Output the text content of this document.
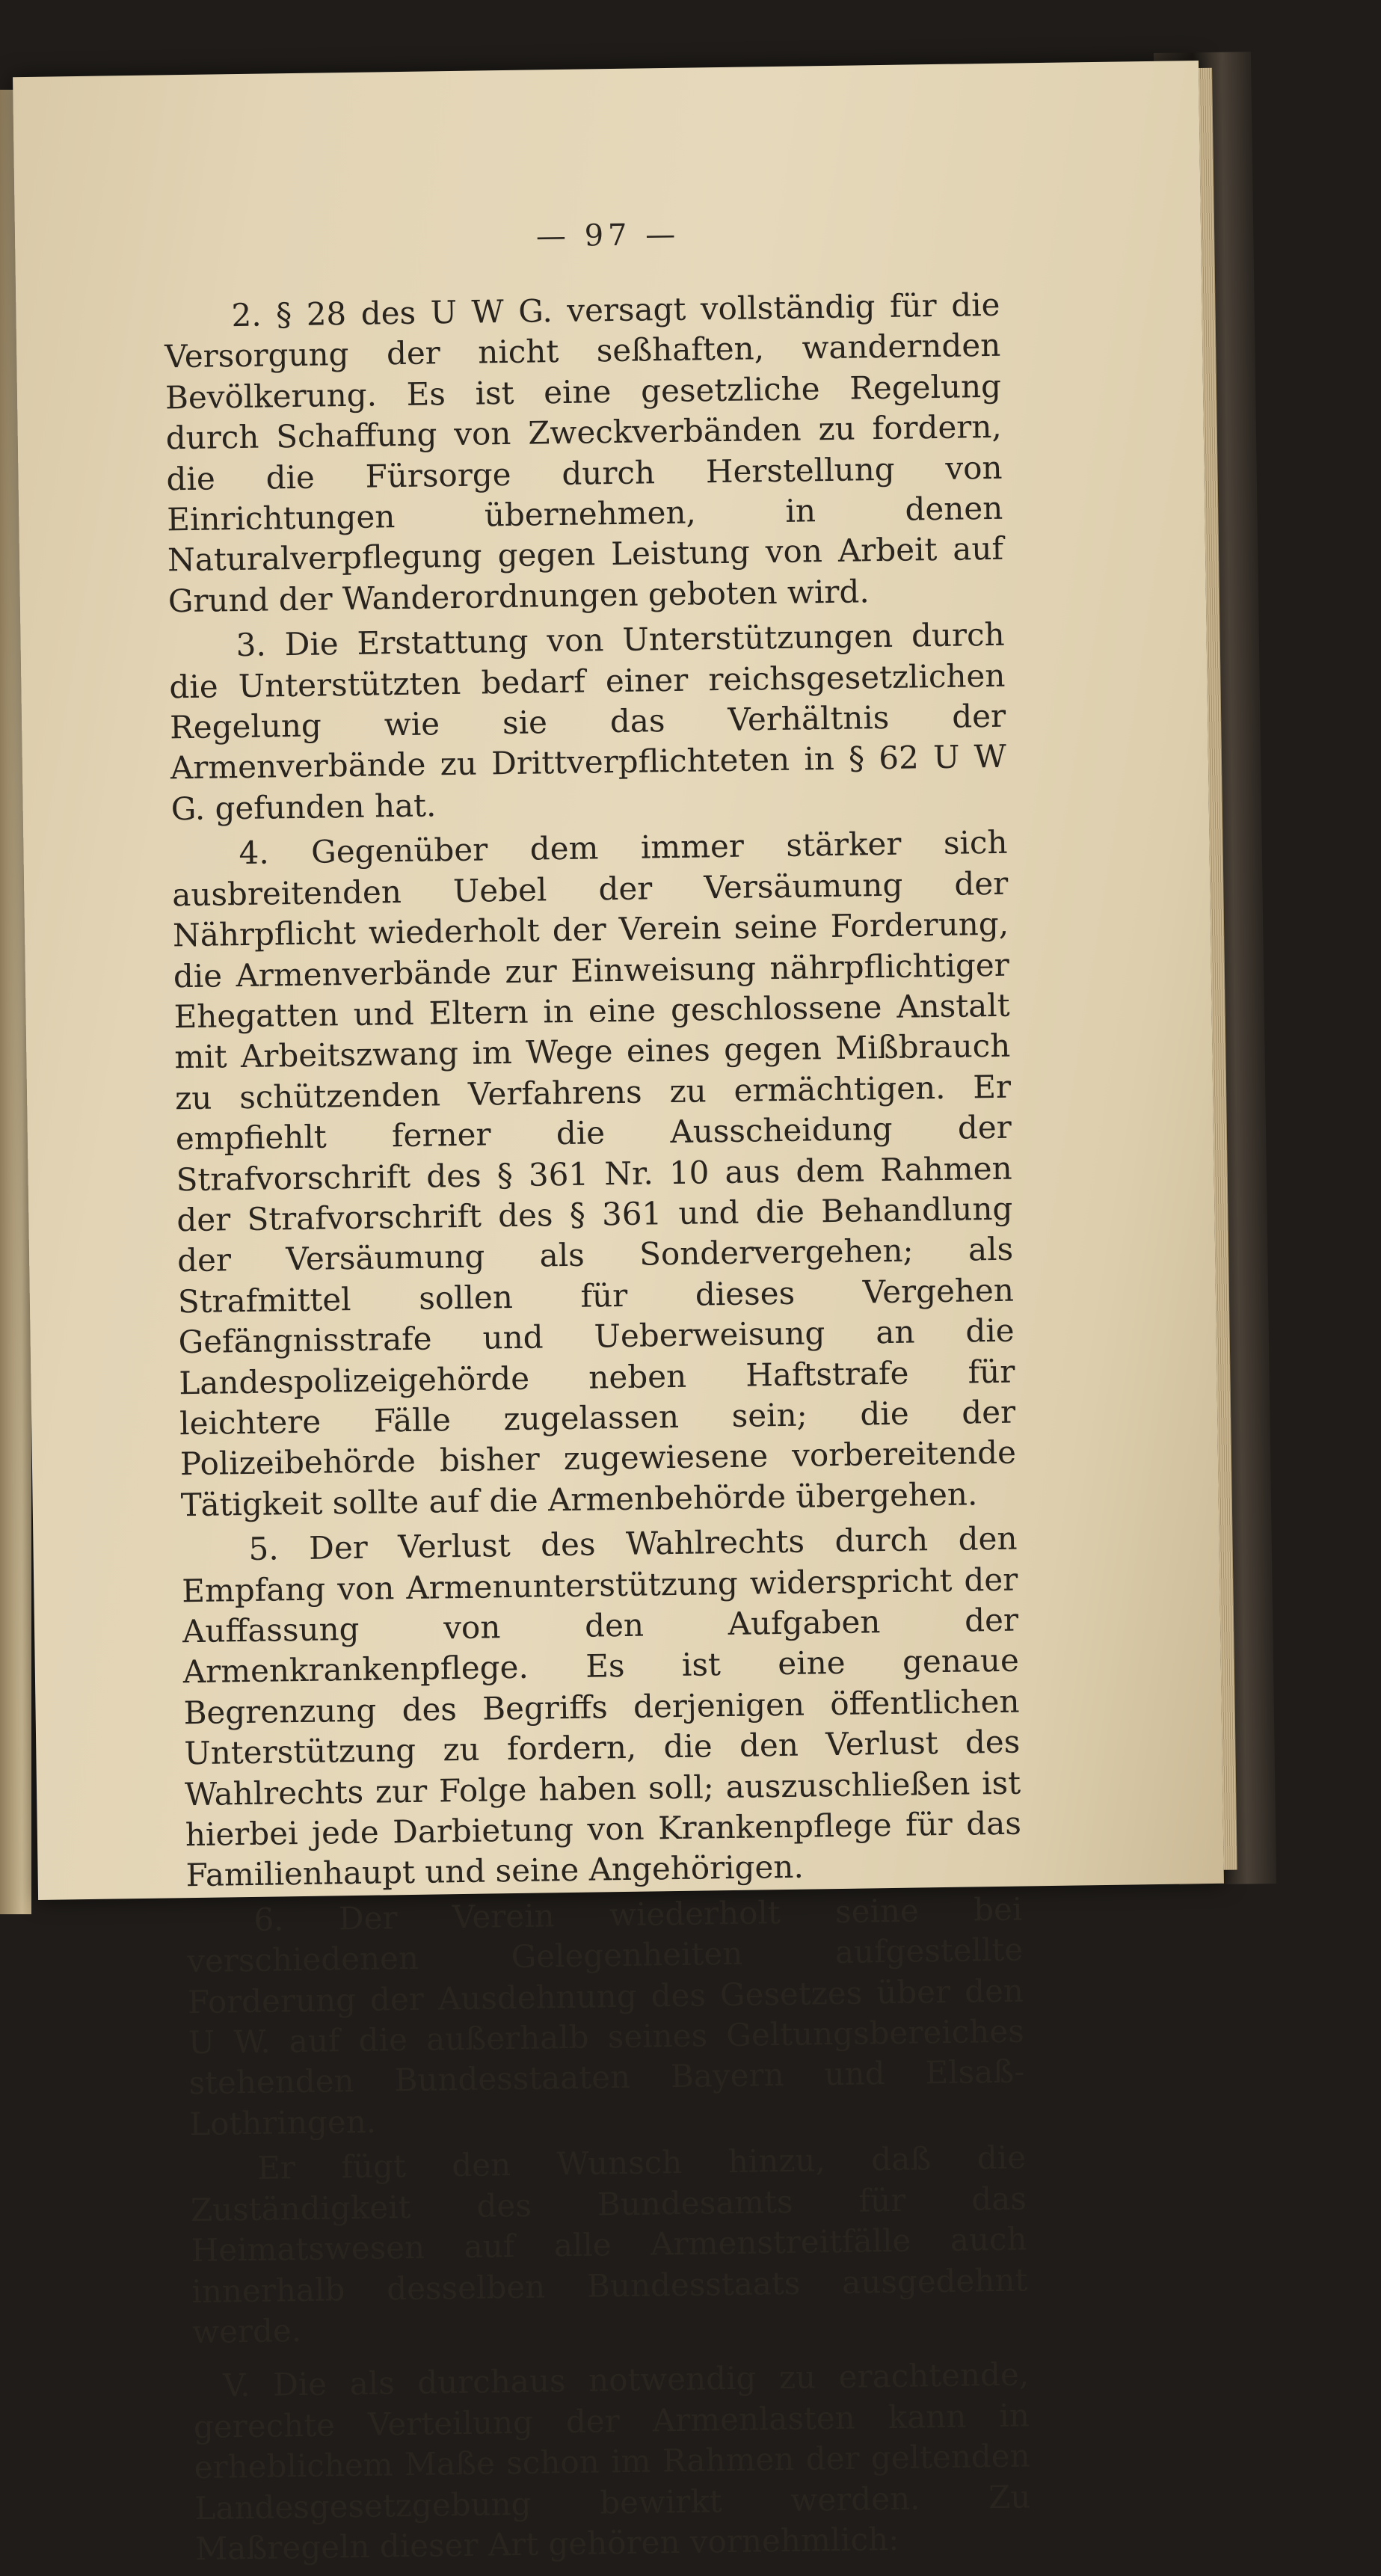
— 97 —

2. § 28 des U W G. versagt vollständig für die Versorgung der nicht seßhaften, wandernden Bevölkerung. Es ist eine gesetzliche Regelung durch Schaffung von Zweckverbänden zu fordern, die die Fürsorge durch Herstellung von Einrichtungen übernehmen, in denen Naturalverpflegung gegen Leistung von Arbeit auf Grund der Wanderordnungen geboten wird.

3. Die Erstattung von Unterstützungen durch die Unterstützten bedarf einer reichsgesetzlichen Regelung wie sie das Verhältnis der Armenverbände zu Drittverpflichteten in § 62 U W G. gefunden hat.

4. Gegenüber dem immer stärker sich ausbreitenden Uebel der Versäumung der Nährpflicht wiederholt der Verein seine Forderung, die Armenverbände zur Einweisung nährpflichtiger Ehegatten und Eltern in eine geschlossene Anstalt mit Arbeitszwang im Wege eines gegen Mißbrauch zu schützenden Verfahrens zu ermächtigen. Er empfiehlt ferner die Ausscheidung der Strafvorschrift des § 361 Nr. 10 aus dem Rahmen der Strafvorschrift des § 361 und die Behandlung der Versäumung als Sondervergehen; als Strafmittel sollen für dieses Vergehen Gefängnisstrafe und Ueberweisung an die Landespolizeigehörde neben Haftstrafe für leichtere Fälle zugelassen sein; die der Polizeibehörde bisher zugewiesene vorbereitende Tätigkeit sollte auf die Armenbehörde übergehen.

5. Der Verlust des Wahlrechts durch den Empfang von Armenunterstützung widerspricht der Auffassung von den Aufgaben der Armenkrankenpflege. Es ist eine genaue Begrenzung des Begriffs derjenigen öffentlichen Unterstützung zu fordern, die den Verlust des Wahlrechts zur Folge haben soll; auszuschließen ist hierbei jede Darbietung von Krankenpflege für das Familienhaupt und seine Angehörigen.

6. Der Verein wiederholt seine bei verschiedenen Gelegenheiten aufgestellte Forderung der Ausdehnung des Gesetzes über den U W. auf die außerhalb seines Geltungsbereiches stehenden Bundesstaaten Bayern und Elsaß-Lothringen.

Er fügt den Wunsch hinzu, daß die Zuständigkeit des Bundesamts für das Heimatswesen auf alle Armenstreitfälle auch innerhalb desselben Bundesstaats ausgedehnt werde.

V. Die als durchaus notwendig zu erachtende, gerechte Verteilung der Armenlasten kann in erheblichem Maße schon im Rahmen der geltenden Landesgesetzgebung bewirkt werden. Zu Maßregeln dieser Art gehören vornehmlich:
